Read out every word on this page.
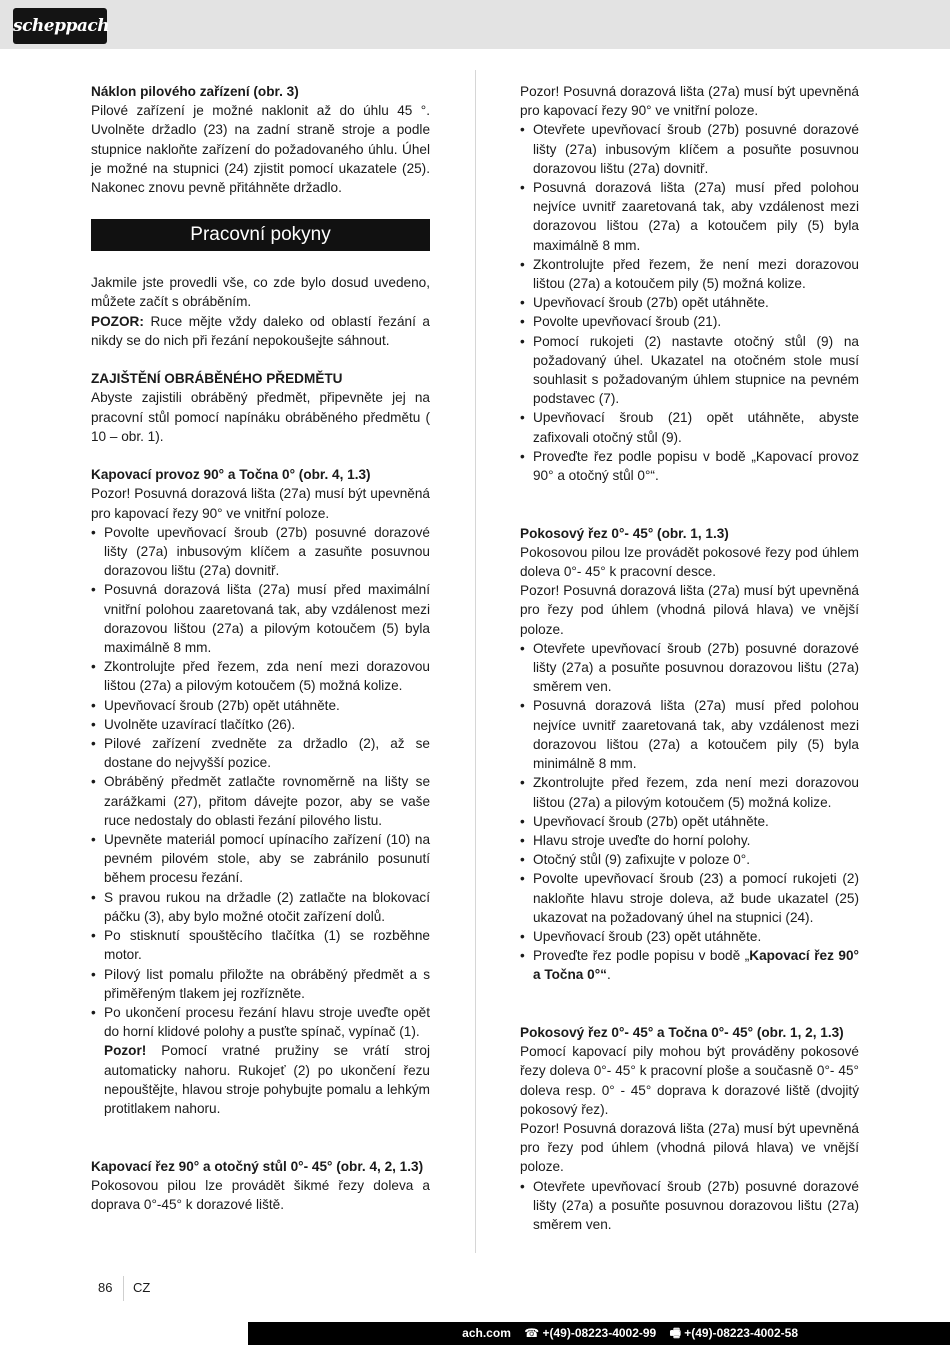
scheppach

Náklon pilového zařízení (obr. 3)

Pilové zařízení je možné naklonit až do úhlu 45 °. Uvolněte držadlo (23) na zadní straně stroje a podle stupnice nakloňte zařízení do požadovaného úhlu. Úhel je možné na stupnici (24) zjistit pomocí ukazatele (25). Nakonec znovu pevně přitáhněte držadlo.

Pracovní pokyny

Jakmile jste provedli vše, co zde bylo dosud uvedeno, můžete začít s obráběním.

POZOR: Ruce mějte vždy daleko od oblastí řezání a nikdy se do nich při řezání nepokoušejte sáhnout.

ZAJIŠTĚNÍ OBRÁBĚNÉHO PŘEDMĚTU

Abyste zajistili obráběný předmět, připevněte jej na pracovní stůl pomocí napínáku obráběného předmětu ( 10 – obr. 1).

Kapovací provoz 90° a Točna 0° (obr. 4, 1.3)

Pozor! Posuvná dorazová lišta (27a) musí být upevněná pro kapovací řezy 90° ve vnitřní poloze.

• Povolte upevňovací šroub (27b) posuvné dorazové lišty (27a) inbusovým klíčem a zasuňte posuvnou dorazovou lištu (27a) dovnitř.
• Posuvná dorazová lišta (27a) musí před maximální vnitřní polohou zaaretovaná tak, aby vzdálenost mezi dorazovou lištou (27a) a pilovým kotoučem (5) byla maximálně 8 mm.
• Zkontrolujte před řezem, zda není mezi dorazovou lištou (27a) a pilovým kotoučem (5) možná kolize.
• Upevňovací šroub (27b) opět utáhněte.
• Uvolněte uzavírací tlačítko (26).
• Pilové zařízení zvedněte za držadlo (2), až se dostane do nejvyšší pozice.
• Obráběný předmět zatlačte rovnoměrně na lišty se zarážkami (27), přitom dávejte pozor, aby se vaše ruce nedostaly do oblasti řezání pilového listu.
• Upevněte materiál pomocí upínacího zařízení (10) na pevném pilovém stole, aby se zabránilo posunutí během procesu řezání.
• S pravou rukou na držadle (2) zatlačte na blokovací páčku (3), aby bylo možné otočit zařízení dolů.
• Po stisknutí spouštěcího tlačítka (1) se rozběhne motor.
• Pilový list pomalu přiložte na obráběný předmět a s přiměřeným tlakem jej rozřízněte.
• Po ukončení procesu řezání hlavu stroje uveďte opět do horní klidové polohy a pusťte spínač, vypínač (1).

Pozor! Pomocí vratné pružiny se vrátí stroj automaticky nahoru. Rukojeť (2) po ukončení řezu nepouštějte, hlavou stroje pohybujte pomalu a lehkým protitlakem nahoru.

Kapovací řez 90° a otočný stůl 0°- 45° (obr. 4, 2, 1.3)

Pokosovou pilou lze provádět šikmé řezy doleva a doprava 0°-45° k dorazové liště.

Pozor! Posuvná dorazová lišta (27a) musí být upevněná pro kapovací řezy 90° ve vnitřní poloze.

• Otevřete upevňovací šroub (27b) posuvné dorazové lišty (27a) inbusovým klíčem a posuňte posuvnou dorazovou lištu (27a) dovnitř.
• Posuvná dorazová lišta (27a) musí před polohou nejvíce uvnitř zaaretovaná tak, aby vzdálenost mezi dorazovou lištou (27a) a kotoučem pily (5) byla maximálně 8 mm.
• Zkontrolujte před řezem, že není mezi dorazovou lištou (27a) a kotoučem pily (5) možná kolize.
• Upevňovací šroub (27b) opět utáhněte.
• Povolte upevňovací šroub (21).
• Pomocí rukojeti (2) nastavte otočný stůl (9) na požadovaný úhel. Ukazatel na otočném stole musí souhlasit s požadovaným úhlem stupnice na pevném podstavec (7).
• Upevňovací šroub (21) opět utáhněte, abyste zafixovali otočný stůl (9).
• Proveďte řez podle popisu v bodě „Kapovací provoz 90° a otočný stůl 0°“.

Pokosový řez 0°- 45° (obr. 1, 1.3)

Pokosovou pilou lze provádět pokosové řezy pod úhlem doleva 0°- 45° k pracovní desce.

Pozor! Posuvná dorazová lišta (27a) musí být upevněná pro řezy pod úhlem (vhodná pilová hlava) ve vnější poloze.

• Otevřete upevňovací šroub (27b) posuvné dorazové lišty (27a) a posuňte posuvnou dorazovou lištu (27a) směrem ven.
• Posuvná dorazová lišta (27a) musí před polohou nejvíce uvnitř zaaretovaná tak, aby vzdálenost mezi dorazovou lištou (27a) a kotoučem pily (5) byla minimálně 8 mm.
• Zkontrolujte před řezem, zda není mezi dorazovou lištou (27a) a pilovým kotoučem (5) možná kolize.
• Upevňovací šroub (27b) opět utáhněte.
• Hlavu stroje uveďte do horní polohy.
• Otočný stůl (9) zafixujte v poloze 0°.
• Povolte upevňovací šroub (23) a pomocí rukojeti (2) nakloňte hlavu stroje doleva, až bude ukazatel (25) ukazovat na požadovaný úhel na stupnici (24).
• Upevňovací šroub (23) opět utáhněte.
• Proveďte řez podle popisu v bodě „Kapovací řez 90° a Točna 0°“.

Pokosový řez 0°- 45° a Točna 0°- 45° (obr. 1, 2, 1.3)

Pomocí kapovací pily mohou být prováděny pokosové řezy doleva 0°- 45° k pracovní ploše a současně 0°- 45° doleva resp. 0° - 45° doprava k dorazové liště (dvojitý pokosový řez).

Pozor! Posuvná dorazová lišta (27a) musí být upevněná pro řezy pod úhlem (vhodná pilová hlava) ve vnější poloze.

• Otevřete upevňovací šroub (27b) posuvné dorazové lišty (27a) a posuňte posuvnou dorazovou lištu (27a) směrem ven.
86 CZ
ach.com ☎ +(49)-08223-4002-99 🖷 +(49)-08223-4002-58
